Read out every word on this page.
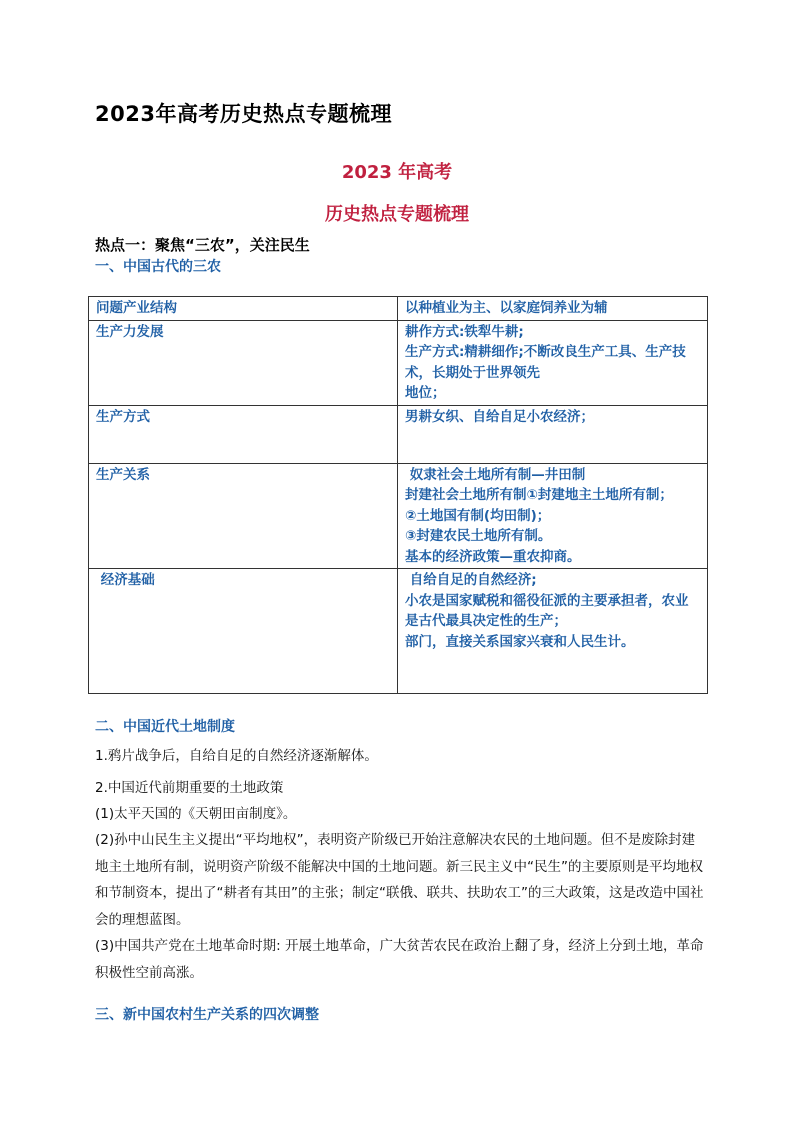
2023年高考历史热点专题梳理
2023 年高考
历史热点专题梳理
热点一：聚焦“三农”，关注民生
一、中国古代的三农
问题产业结构	以种植业为主、以家庭饲养业为辅

生产力发展	耕作方式:铁犁牛耕;
生产方式:精耕细作;不断改良生产工具、生产技术，长期处于世界领先
地位；

生产方式	男耕女织、自给自足小农经济；

生产关系	奴隶社会土地所有制—井田制
封建社会土地所有制①封建地主土地所有制；
②土地国有制(均田制)；
③封建农民土地所有制。
基本的经济政策—重农抑商。

经济基础	自给自足的自然经济;
小农是国家赋税和徭役征派的主要承担者，农业是古代最具决定性的生产；
部门，直接关系国家兴衰和人民生计。
二、中国近代土地制度
1.鸦片战争后，自给自足的自然经济逐渐解体。
2.中国近代前期重要的土地政策
(1)太平天国的《天朝田亩制度》。
(2)孙中山民生主义提出“平均地权”，表明资产阶级已开始注意解决农民的土地问题。但不是废除封建地主土地所有制，说明资产阶级不能解决中国的土地问题。新三民主义中“民生”的主要原则是平均地权和节制资本，提出了“耕者有其田”的主张；制定“联俄、联共、扶助农工”的三大政策，这是改造中国社会的理想蓝图。
(3)中国共产党在土地革命时期: 开展土地革命，广大贫苦农民在政治上翻了身，经济上分到土地，革命积极性空前高涨。
三、新中国农村生产关系的四次调整
